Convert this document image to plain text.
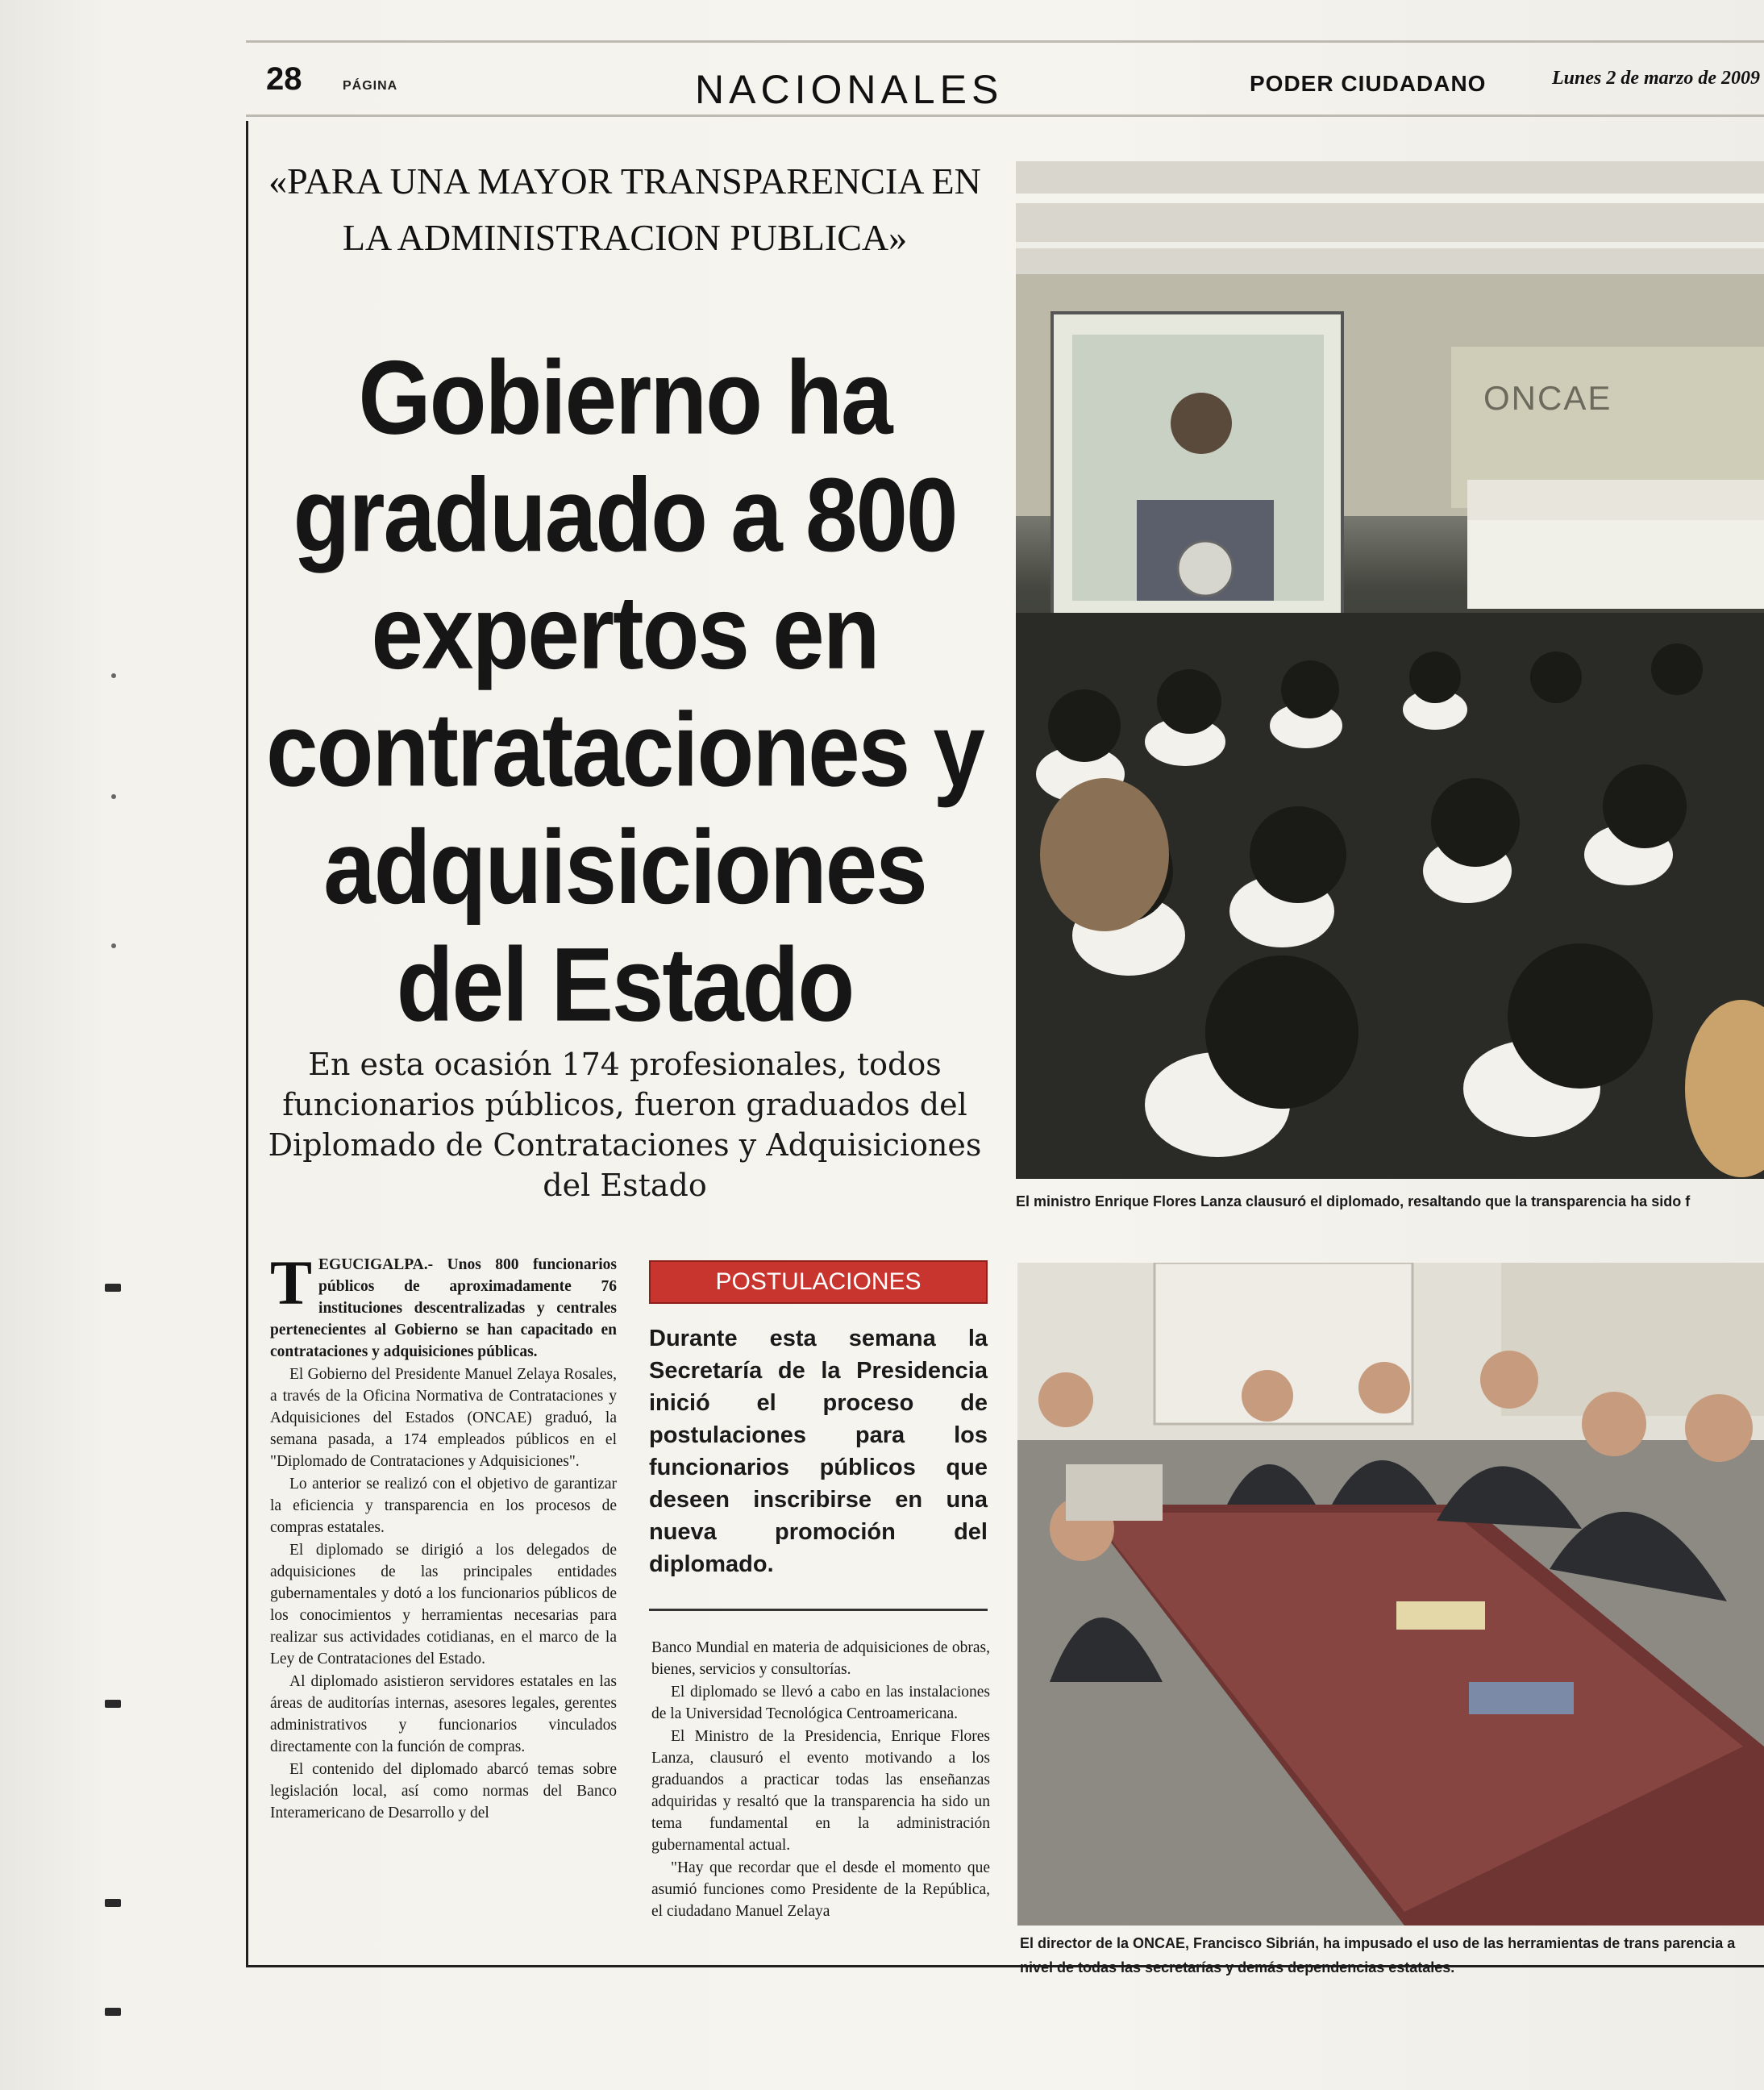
28	PÁGINA	NACIONALES	PODER CIUDADANO	Lunes 2 de marzo de 2009
«PARA UNA MAYOR TRANSPARENCIA EN LA ADMINISTRACION PUBLICA»
Gobierno ha graduado a 800 expertos en contrataciones y adquisiciones del Estado
En esta ocasión 174 profesionales, todos funcionarios públicos, fueron graduados del Diplomado de Contrataciones y Adquisiciones del Estado

TEGUCIGALPA.- Unos 800 funcionarios públicos de aproximadamente 76 instituciones descentralizadas y centrales pertenecientes al Gobierno se han capacitado en contrataciones y adquisiciones públicas.

El Gobierno del Presidente Manuel Zelaya Rosales, a través de la Oficina Normativa de Contrataciones y Adquisiciones del Estados (ONCAE) graduó, la semana pasada, a 174 empleados públicos en el "Diplomado de Contrataciones y Adquisiciones".

Lo anterior se realizó con el objetivo de garantizar la eficiencia y transparencia en los procesos de compras estatales.

El diplomado se dirigió a los delegados de adquisiciones de las principales entidades gubernamentales y dotó a los funcionarios públicos de los conocimientos y herramientas necesarias para realizar sus actividades cotidianas, en el marco de la Ley de Contrataciones del Estado.

Al diplomado asistieron servidores estatales en las áreas de auditorías internas, asesores legales, gerentes administrativos y funcionarios vinculados directamente con la función de compras.

El contenido del diplomado abarcó temas sobre legislación local, así como normas del Banco Interamericano de Desarrollo y del

POSTULACIONES
Durante esta semana la Secretaría de la Presidencia inició el proceso de postulaciones para los funcionarios públicos que deseen inscribirse en una nueva promoción del diplomado.

Banco Mundial en materia de adquisiciones de obras, bienes, servicios y consultorías.

El diplomado se llevó a cabo en las instalaciones de la Universidad Tecnológica Centroamericana.

El Ministro de la Presidencia, Enrique Flores Lanza, clausuró el evento motivando a los graduandos a practicar todas las enseñanzas adquiridas y resaltó que la transparencia ha sido un tema fundamental en la administración gubernamental actual.

"Hay que recordar que el desde el momento que asumió funciones como Presidente de la República, el ciudadano Manuel Zelaya

ONCAE
El ministro Enrique Flores Lanza clausuró el diplomado, resaltando que la transparencia ha sido f
El director de la ONCAE, Francisco Sibrián, ha impusado el uso de las herramientas de trans parencia a nivel de todas las secretarías y demás dependencias estatales.
